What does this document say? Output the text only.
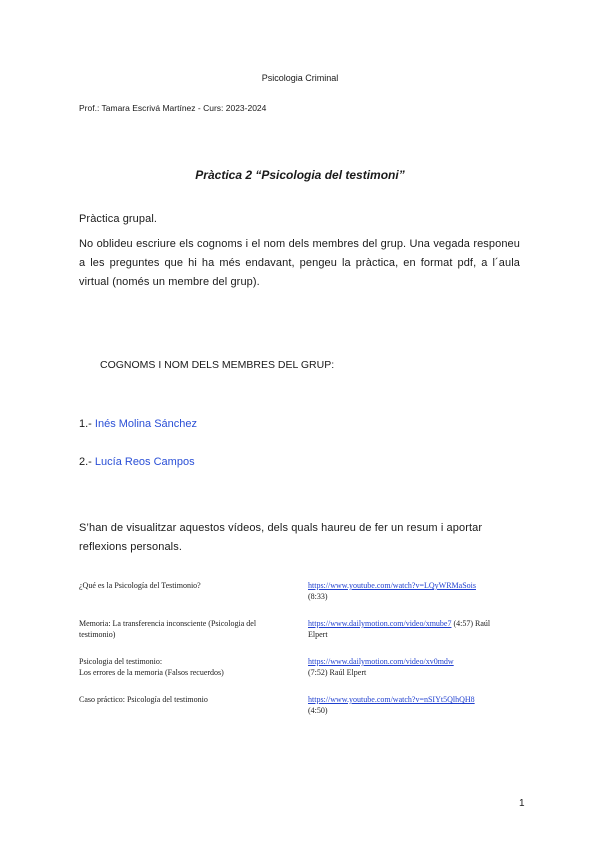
Psicologia Criminal
Prof.: Tamara Escrivá Martínez - Curs: 2023-2024
Pràctica 2 “Psicologia del testimoni”
Pràctica grupal.
No oblideu escriure els cognoms i el nom dels membres del grup. Una vegada responeu a les preguntes que hi ha més endavant, pengeu la pràctica, en format pdf, a l´aula virtual (només un membre del grup).
COGNOMS I NOM DELS MEMBRES DEL GRUP:
1.- Inés Molina Sánchez
2.- Lucía Reos Campos
S’han de visualitzar aquestos vídeos, dels quals haureu de fer un resum i aportar reflexions personals.
¿Qué es la Psicología del Testimonio?	https://www.youtube.com/watch?v=LQyWRMaSois
(8:33)
Memoria: La transferencia inconsciente (Psicologia del
testimonio)	https://www.dailymotion.com/video/xmube7 (4:57) Raúl
Elpert
Psicologia del testimonio:
Los errores de la memoria (Falsos recuerdos)	https://www.dailymotion.com/video/xv0mdw
(7:52) Raúl Elpert
Caso práctico: Psicología del testimonio	https://www.youtube.com/watch?v=nSIYt5QlhQH8
(4:50)
1
